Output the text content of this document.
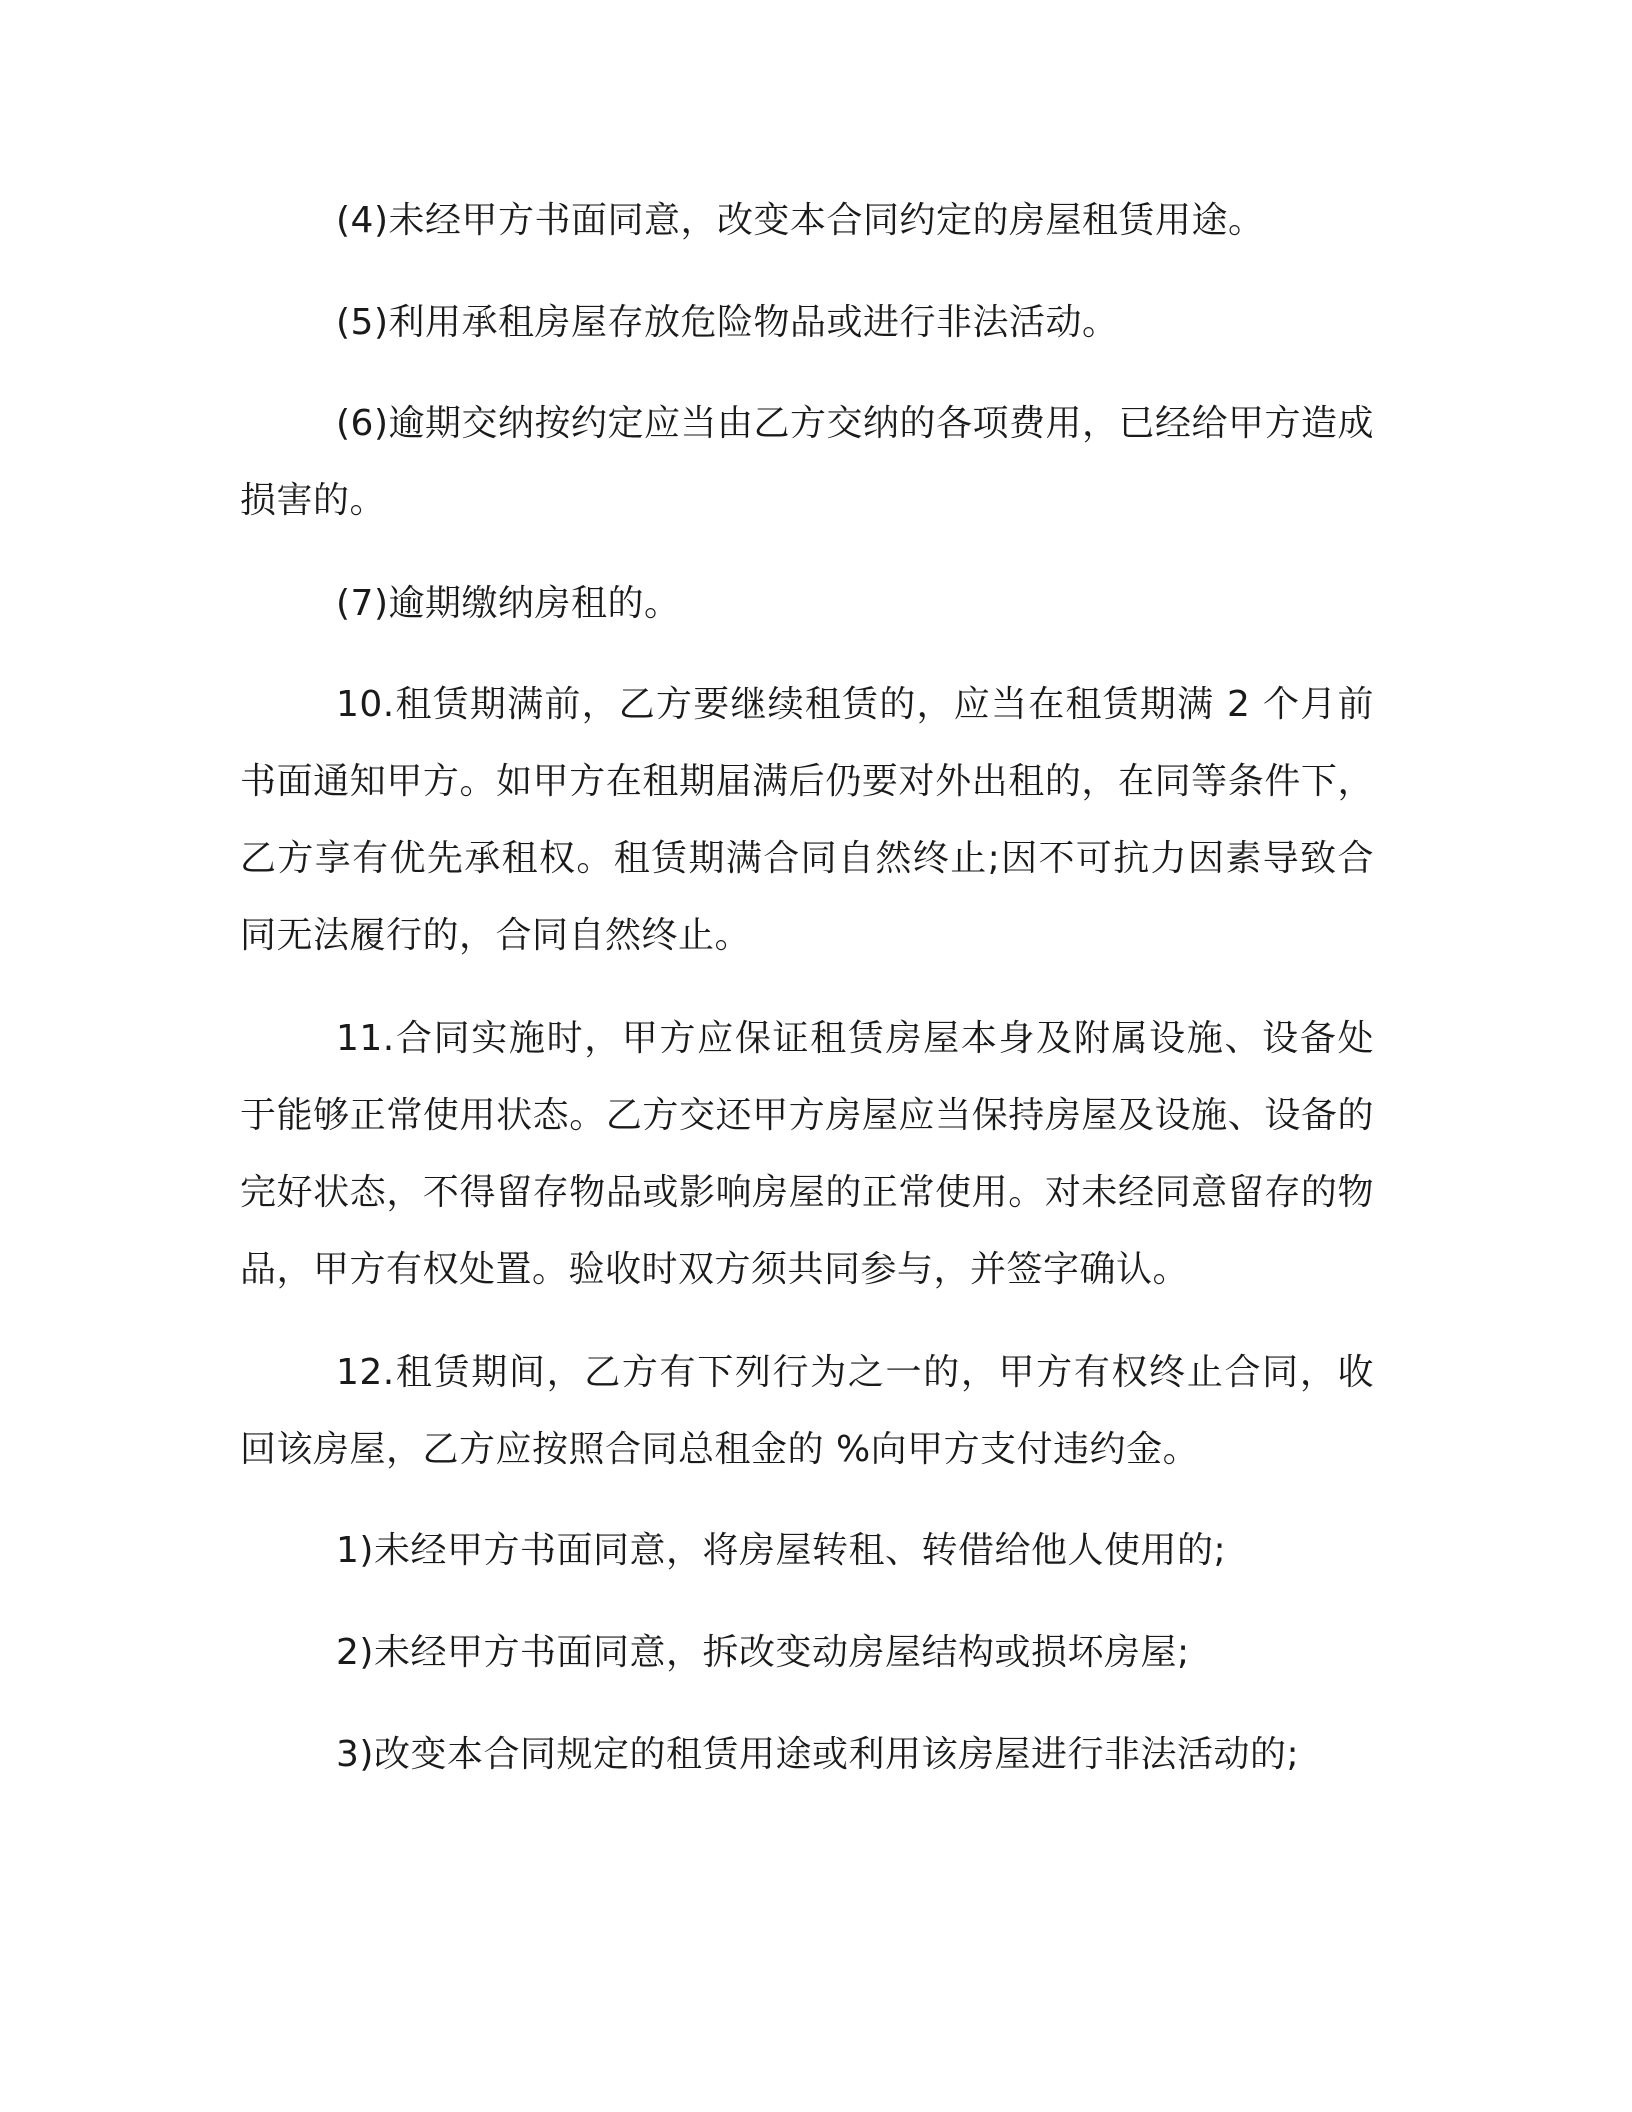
(4)未经甲方书面同意，改变本合同约定的房屋租赁用途。

(5)利用承租房屋存放危险物品或进行非法活动。

(6)逾期交纳按约定应当由乙方交纳的各项费用，已经给甲方造成损害的。

(7)逾期缴纳房租的。

10.租赁期满前，乙方要继续租赁的，应当在租赁期满 2 个月前书面通知甲方。如甲方在租期届满后仍要对外出租的，在同等条件下，乙方享有优先承租权。租赁期满合同自然终止;因不可抗力因素导致合同无法履行的，合同自然终止。

11.合同实施时，甲方应保证租赁房屋本身及附属设施、设备处于能够正常使用状态。乙方交还甲方房屋应当保持房屋及设施、设备的完好状态，不得留存物品或影响房屋的正常使用。对未经同意留存的物品，甲方有权处置。验收时双方须共同参与，并签字确认。

12.租赁期间，乙方有下列行为之一的，甲方有权终止合同，收回该房屋，乙方应按照合同总租金的 %向甲方支付违约金。

1)未经甲方书面同意，将房屋转租、转借给他人使用的;

2)未经甲方书面同意，拆改变动房屋结构或损坏房屋;

3)改变本合同规定的租赁用途或利用该房屋进行非法活动的;
